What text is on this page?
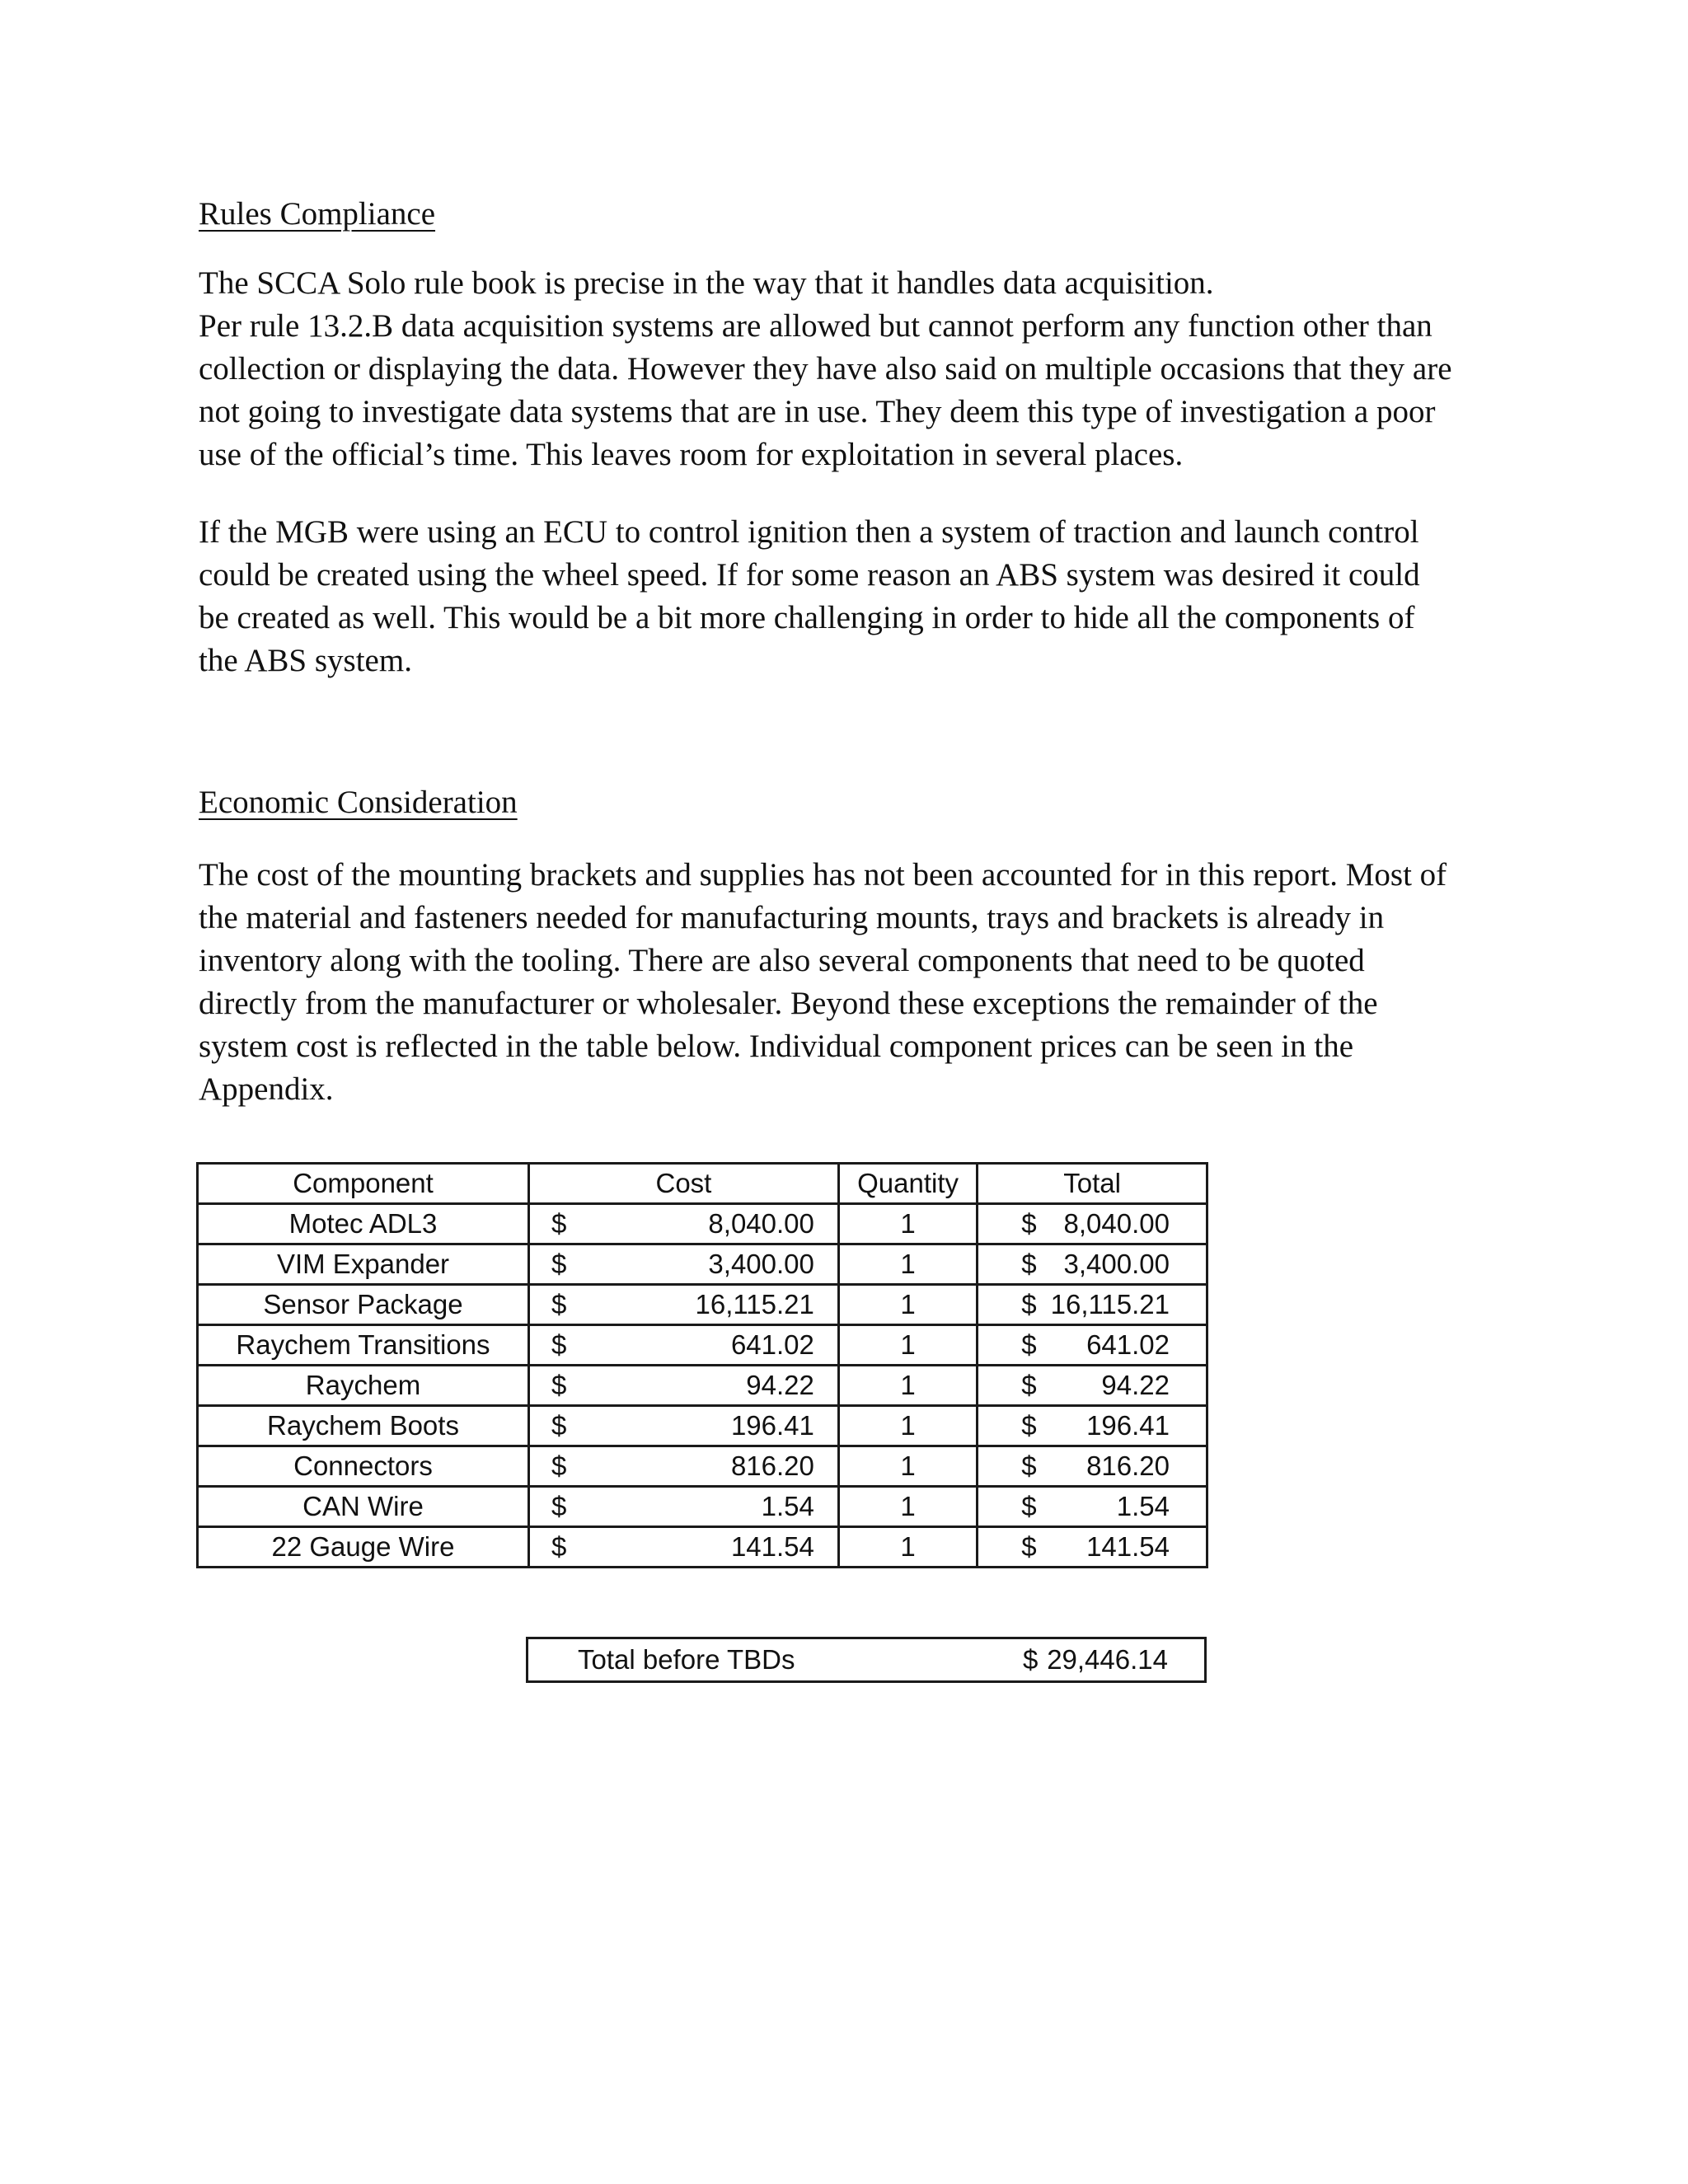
Rules Compliance

The SCCA Solo rule book is precise in the way that it handles data acquisition.
Per rule 13.2.B data acquisition systems are allowed but cannot perform any function other than
collection or displaying the data. However they have also said on multiple occasions that they are
not going to investigate data systems that are in use. They deem this type of investigation a poor
use of the official’s time. This leaves room for exploitation in several places.

If the MGB were using an ECU to control ignition then a system of traction and launch control
could be created using the wheel speed. If for some reason an ABS system was desired it could
be created as well. This would be a bit more challenging in order to hide all the components of
the ABS system.

Economic Consideration

The cost of the mounting brackets and supplies has not been accounted for in this report. Most of
the material and fasteners needed for manufacturing mounts, trays and brackets is already in
inventory along with the tooling. There are also several components that need to be quoted
directly from the manufacturer or wholesaler. Beyond these exceptions the remainder of the
system cost is reflected in the table below. Individual component prices can be seen in the
Appendix.

Component	Cost	Quantity	Total
Motec ADL3	$ 8,040.00	1	$ 8,040.00

VIM Expander	$ 3,400.00	1	$ 3,400.00

Sensor Package	$ 16,115.21	1	$ 16,115.21

Raychem Transitions	$ 641.02	1	$ 641.02

Raychem	$ 94.22	1	$ 94.22

Raychem Boots	$ 196.41	1	$ 196.41

Connectors	$ 816.20	1	$ 816.20

CAN Wire	$ 1.54	1	$ 1.54

22 Gauge Wire	$ 141.54	1	$ 141.54
Total before TBDs	$ 29,446.14
